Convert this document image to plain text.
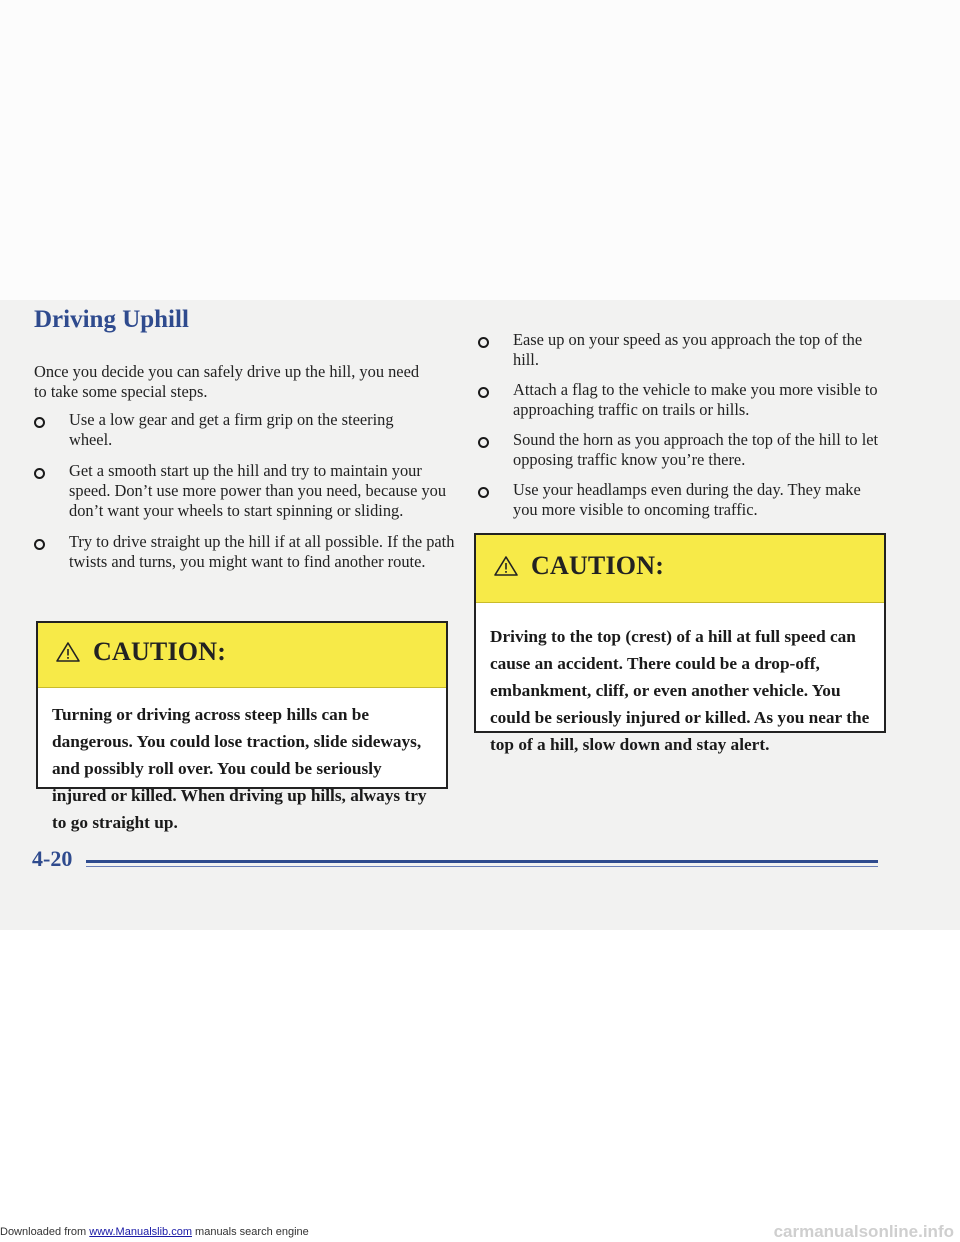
Driving Uphill

Once you decide you can safely drive up the hill, you need to take some special steps.

Use a low gear and get a firm grip on the steering wheel.
Get a smooth start up the hill and try to maintain your speed. Don’t use more power than you need, because you don’t want your wheels to start spinning or sliding.
Try to drive straight up the hill if at all possible. If the path twists and turns, you might want to find another route.
CAUTION:

Turning or driving across steep hills can be dangerous. You could lose traction, slide sideways, and possibly roll over. You could be seriously injured or killed. When driving up hills, always try to go straight up.

Ease up on your speed as you approach the top of the hill.
Attach a flag to the vehicle to make you more visible to approaching traffic on trails or hills.
Sound the horn as you approach the top of the hill to let opposing traffic know you’re there.
Use your headlamps even during the day. They make you more visible to oncoming traffic.
CAUTION:

Driving to the top (crest) of a hill at full speed can cause an accident. There could be a drop-off, embankment, cliff, or even another vehicle. You could be seriously injured or killed. As you near the top of a hill, slow down and stay alert.

4-20

Downloaded from www.Manualslib.com manuals search engine	carmanualsonline.info
